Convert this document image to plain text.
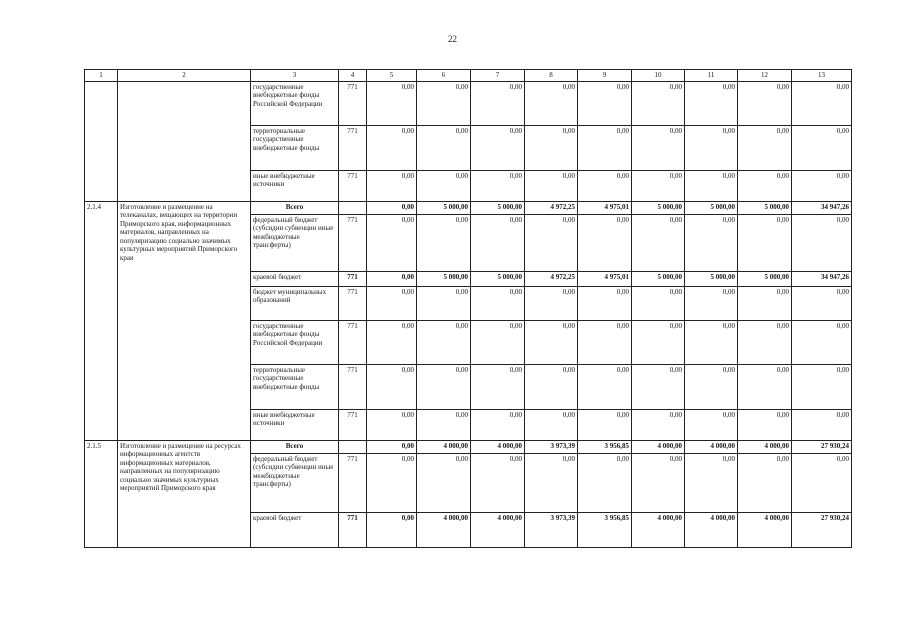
22
1	2	3	4	5	6	7	8	9	10	11	12	13
		государственные внебюджетные фонды Российской Федерации	771	0,00	0,00	0,00	0,00	0,00	0,00	0,00	0,00	0,00
		территориальные государственные внебюджетные фонды	771	0,00	0,00	0,00	0,00	0,00	0,00	0,00	0,00	0,00
		иные внебюджетные источники	771	0,00	0,00	0,00	0,00	0,00	0,00	0,00	0,00	0,00
2.1.4	Изготовление и размещение на телеканалах, вещающих на территории Приморского края, информационных материалов, направленных на популяризацию социально значимых культурных мероприятий Приморского края	Всего		0,00	5 000,00	5 000,00	4 972,25	4 975,01	5 000,00	5 000,00	5 000,00	34 947,26
		федеральный бюджет (субсидии субвенции иные межбюджетные трансферты)	771	0,00	0,00	0,00	0,00	0,00	0,00	0,00	0,00	0,00
		краевой бюджет	771	0,00	5 000,00	5 000,00	4 972,25	4 975,01	5 000,00	5 000,00	5 000,00	34 947,26
		бюджет муниципальных образований	771	0,00	0,00	0,00	0,00	0,00	0,00	0,00	0,00	0,00
		государственные внебюджетные фонды Российской Федерации	771	0,00	0,00	0,00	0,00	0,00	0,00	0,00	0,00	0,00
		территориальные государственные внебюджетные фонды	771	0,00	0,00	0,00	0,00	0,00	0,00	0,00	0,00	0,00
		иные внебюджетные источники	771	0,00	0,00	0,00	0,00	0,00	0,00	0,00	0,00	0,00
2.1.5	Изготовление и размещение на ресурсах информационных агентств информационных материалов, направленных на популяризацию социально значимых культурных мероприятий Приморского края	Всего		0,00	4 000,00	4 000,00	3 973,39	3 956,85	4 000,00	4 000,00	4 000,00	27 930,24
		федеральный бюджет (субсидии субвенции иные межбюджетные трансферты)	771	0,00	0,00	0,00	0,00	0,00	0,00	0,00	0,00	0,00
		краевой бюджет	771	0,00	4 000,00	4 000,00	3 973,39	3 956,85	4 000,00	4 000,00	4 000,00	27 930,24
